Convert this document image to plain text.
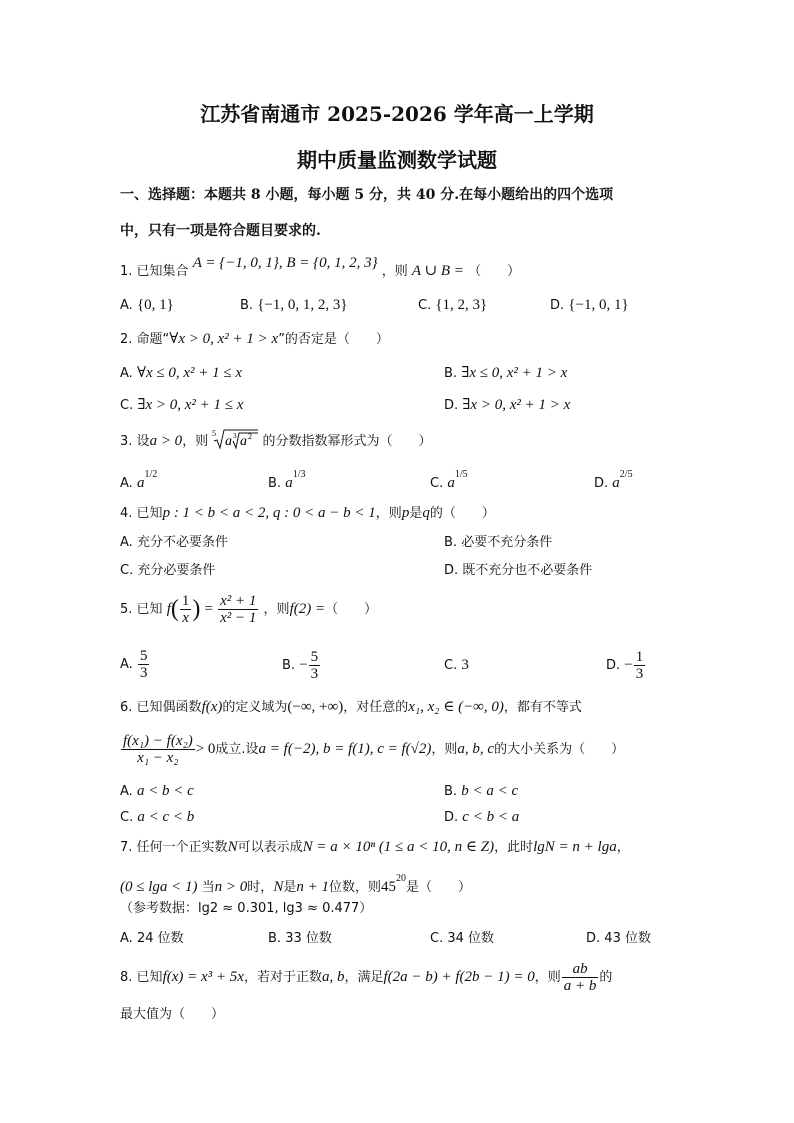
江苏省南通市 2025-2026 学年高一上学期
期中质量监测数学试题
一、选择题：本题共 8 小题，每小题 5 分，共 40 分.在每小题给出的四个选项
中，只有一项是符合题目要求的.
1. 已知集合 A = {−1, 0, 1}, B = {0, 1, 2, 3} ，则 A ∪ B = （　　）
A. {0, 1}	B. {−1, 0, 1, 2, 3}	C. {1, 2, 3}	D. {−1, 0, 1}
2. 命题“∀x > 0, x² + 1 > x”的否定是（　　）
A. ∀x ≤ 0, x² + 1 ≤ x	B. ∃x ≤ 0, x² + 1 > x
C. ∃x > 0, x² + 1 ≤ x	D. ∃x > 0, x² + 1 > x
3. 设a > 0，则
5
a 3 a 2 的分数指数幂形式为（　　）
A. $a^{1/2}$
B. $a^{1/3}$
C. $a^{1/5}$
D. $a^{2/5}$
4. 已知p : 1 < b < a < 2, q : 0 < a − b < 1，则p是q的（　　）
A. 充分不必要条件	B. 必要不充分条件
C. 充分必要条件	D. 既不充分也不必要条件
5. 已知 $f( \frac{1}{x}$ ) = $\frac{\text{x² + 1}}{\text{x² − 1}}$ ，则f(2) =（　　）
A. $\frac{5}{3}$	B. − $\frac{5}{3}$	C. 3	D. − $\frac{1}{3}$
6. 已知偶函数f(x)的定义域为(−∞, +∞)，对任意的x₁, x₂ ∈ (−∞, 0)，都有不等式
$\frac{\text{f(x₁) − f(x₂)}}{\text{x₁ − x₂}} > 0$成立.设a = f(−2), b = f(1), c = f(√2)，则a, b, c的大小关系为（　　）
A. a < b < c	B. b < a < c
C. a < c < b	D. c < b < a
7. 任何一个正实数N可以表示成N = a × 10ⁿ (1 ≤ a < 10, n ∈ Z)，此时lgN = n + lga，
(0 ≤ lga < 1) 当n > 0时，N是n + 1位数，则$45^{20}$是（　　）
（参考数据：lg2 ≈ 0.301, lg3 ≈ 0.477）
A. 24 位数	B. 33 位数	C. 34 位数	D. 43 位数
8. 已知f(x) = x³ + 5x，若对于正数a, b，满足f(2a − b) + f(2b − 1) = 0，则 $\frac{ab}{a + b}$ 的
最大值为（　　）
